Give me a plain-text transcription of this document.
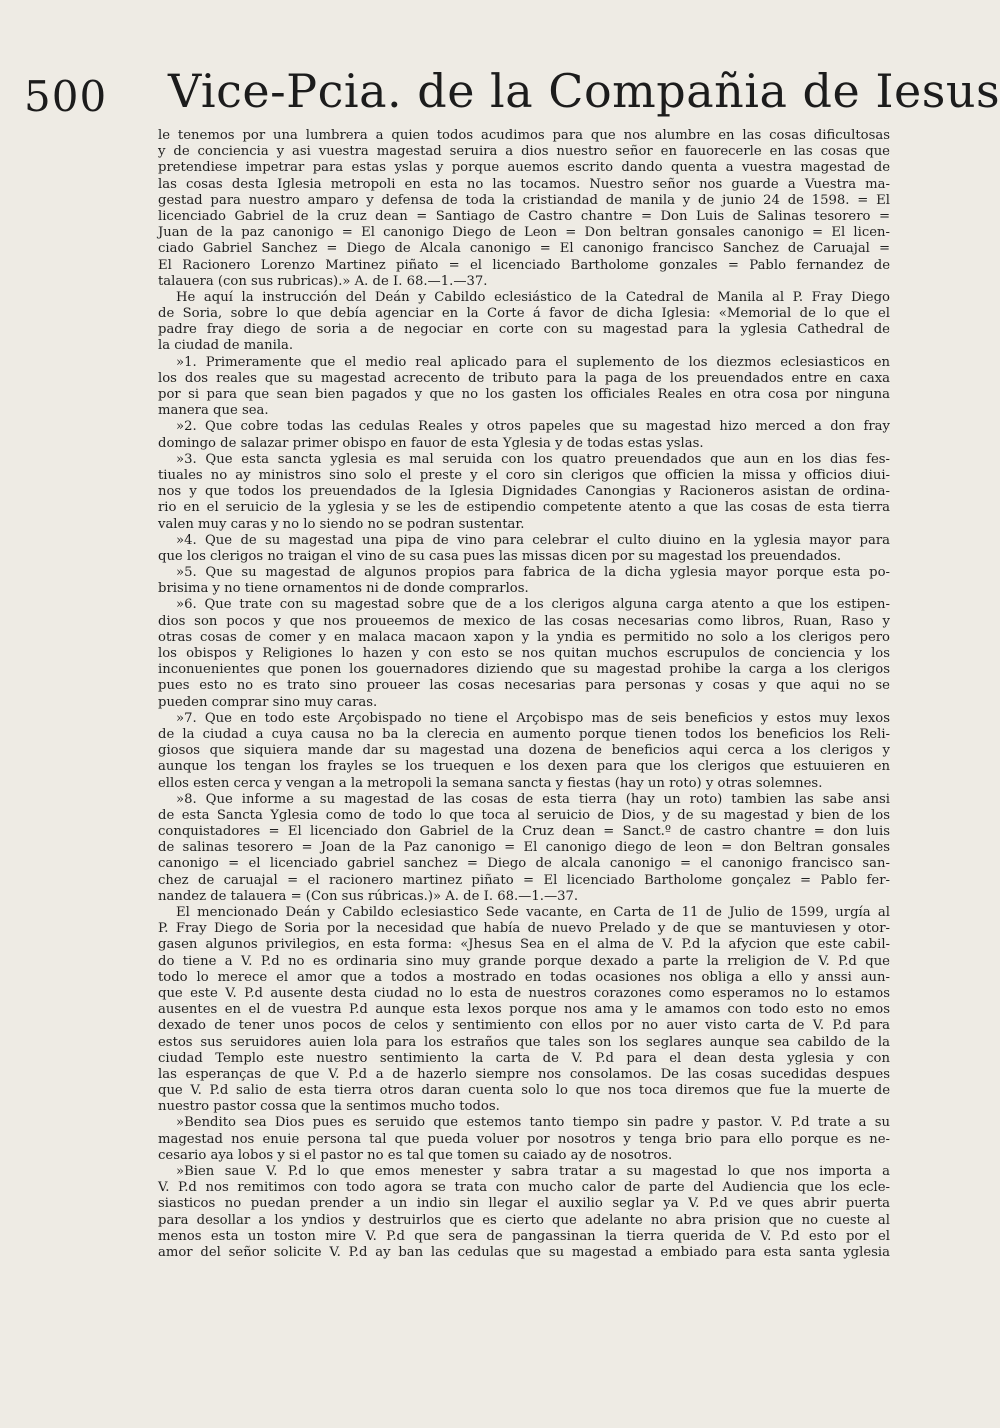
500 Vice-Pcia. de la Compañia de Iesus
le tenemos por una lumbrera a quien todos acudimos para que nos alumbre en las cosas dificultosas
y de conciencia y asi vuestra magestad seruira a dios nuestro señor en fauorecerle en las cosas que
pretendiese impetrar para estas yslas y porque auemos escrito dando quenta a vuestra magestad de
las cosas desta Iglesia metropoli en esta no las tocamos. Nuestro señor nos guarde a Vuestra ma-
gestad para nuestro amparo y defensa de toda la cristiandad de manila y de junio 24 de 1598. = El
licenciado Gabriel de la cruz dean = Santiago de Castro chantre = Don Luis de Salinas tesorero =
Juan de la paz canonigo = El canonigo Diego de Leon = Don beltran gonsales canonigo = El licen-
ciado Gabriel Sanchez = Diego de Alcala canonigo = El canonigo francisco Sanchez de Caruajal =
El Racionero Lorenzo Martinez piñato = el licenciado Bartholome gonzales = Pablo fernandez de
talauera (con sus rubricas).» A. de I. 68.—1.—37.
He aquí la instrucción del Deán y Cabildo eclesiástico de la Catedral de Manila al P. Fray Diego
de Soria, sobre lo que debía agenciar en la Corte á favor de dicha Iglesia: «Memorial de lo que el
padre fray diego de soria a de negociar en corte con su magestad para la yglesia Cathedral de
la ciudad de manila.
»1. Primeramente que el medio real aplicado para el suplemento de los diezmos eclesiasticos en
los dos reales que su magestad acrecento de tributo para la paga de los preuendados entre en caxa
por si para que sean bien pagados y que no los gasten los officiales Reales en otra cosa por ninguna
manera que sea.
»2. Que cobre todas las cedulas Reales y otros papeles que su magestad hizo merced a don fray
domingo de salazar primer obispo en fauor de esta Yglesia y de todas estas yslas.
»3. Que esta sancta yglesia es mal seruida con los quatro preuendados que aun en los dias fes-
tiuales no ay ministros sino solo el preste y el coro sin clerigos que officien la missa y officios diui-
nos y que todos los preuendados de la Iglesia Dignidades Canongias y Racioneros asistan de ordina-
rio en el seruicio de la yglesia y se les de estipendio competente atento a que las cosas de esta tierra
valen muy caras y no lo siendo no se podran sustentar.
»4. Que de su magestad una pipa de vino para celebrar el culto diuino en la yglesia mayor para
que los clerigos no traigan el vino de su casa pues las missas dicen por su magestad los preuendados.
»5. Que su magestad de algunos propios para fabrica de la dicha yglesia mayor porque esta po-
brisima y no tiene ornamentos ni de donde comprarlos.
»6. Que trate con su magestad sobre que de a los clerigos alguna carga atento a que los estipen-
dios son pocos y que nos proueemos de mexico de las cosas necesarias como libros, Ruan, Raso y
otras cosas de comer y en malaca macaon xapon y la yndia es permitido no solo a los clerigos pero
los obispos y Religiones lo hazen y con esto se nos quitan muchos escrupulos de conciencia y los
inconuenientes que ponen los gouernadores diziendo que su magestad prohibe la carga a los clerigos
pues esto no es trato sino proueer las cosas necesarias para personas y cosas y que aqui no se
pueden comprar sino muy caras.
»7. Que en todo este Arçobispado no tiene el Arçobispo mas de seis beneficios y estos muy lexos
de la ciudad a cuya causa no ba la clerecia en aumento porque tienen todos los beneficios los Reli-
giosos que siquiera mande dar su magestad una dozena de beneficios aqui cerca a los clerigos y
aunque los tengan los frayles se los truequen e los dexen para que los clerigos que estuuieren en
ellos esten cerca y vengan a la metropoli la semana sancta y fiestas (hay un roto) y otras solemnes.
»8. Que informe a su magestad de las cosas de esta tierra (hay un roto) tambien las sabe ansi
de esta Sancta Yglesia como de todo lo que toca al seruicio de Dios, y de su magestad y bien de los
conquistadores = El licenciado don Gabriel de la Cruz dean = Sanct.º de castro chantre = don luis
de salinas tesorero = Joan de la Paz canonigo = El canonigo diego de leon = don Beltran gonsales
canonigo = el licenciado gabriel sanchez = Diego de alcala canonigo = el canonigo francisco san-
chez de caruajal = el racionero martinez piñato = El licenciado Bartholome gonçalez = Pablo fer-
nandez de talauera = (Con sus rúbricas.)» A. de I. 68.—1.—37.
El mencionado Deán y Cabildo eclesiastico Sede vacante, en Carta de 11 de Julio de 1599, urgía al
P. Fray Diego de Soria por la necesidad que había de nuevo Prelado y de que se mantuviesen y otor-
gasen algunos privilegios, en esta forma: «Jhesus Sea en el alma de V. P.d la afycion que este cabil-
do tiene a V. P.d no es ordinaria sino muy grande porque dexado a parte la rreligion de V. P.d que
todo lo merece el amor que a todos a mostrado en todas ocasiones nos obliga a ello y anssi aun-
que este V. P.d ausente desta ciudad no lo esta de nuestros corazones como esperamos no lo estamos
ausentes en el de vuestra P.d aunque esta lexos porque nos ama y le amamos con todo esto no emos
dexado de tener unos pocos de celos y sentimiento con ellos por no auer visto carta de V. P.d para
estos sus seruidores auien lola para los estraños que tales son los seglares aunque sea cabildo de la
ciudad Templo este nuestro sentimiento la carta de V. P.d para el dean desta yglesia y con
las esperanças de que V. P.d a de hazerlo siempre nos consolamos. De las cosas sucedidas despues
que V. P.d salio de esta tierra otros daran cuenta solo lo que nos toca diremos que fue la muerte de
nuestro pastor cossa que la sentimos mucho todos.
»Bendito sea Dios pues es seruido que estemos tanto tiempo sin padre y pastor. V. P.d trate a su
magestad nos enuie persona tal que pueda voluer por nosotros y tenga brio para ello porque es ne-
cesario aya lobos y si el pastor no es tal que tomen su caiado ay de nosotros.
»Bien saue V. P.d lo que emos menester y sabra tratar a su magestad lo que nos importa a
V. P.d nos remitimos con todo agora se trata con mucho calor de parte del Audiencia que los ecle-
siasticos no puedan prender a un indio sin llegar el auxilio seglar ya V. P.d ve ques abrir puerta
para desollar a los yndios y destruirlos que es cierto que adelante no abra prision que no cueste al
menos esta un toston mire V. P.d que sera de pangassinan la tierra querida de V. P.d esto por el
amor del señor solicite V. P.d ay ban las cedulas que su magestad a embiado para esta santa yglesia
